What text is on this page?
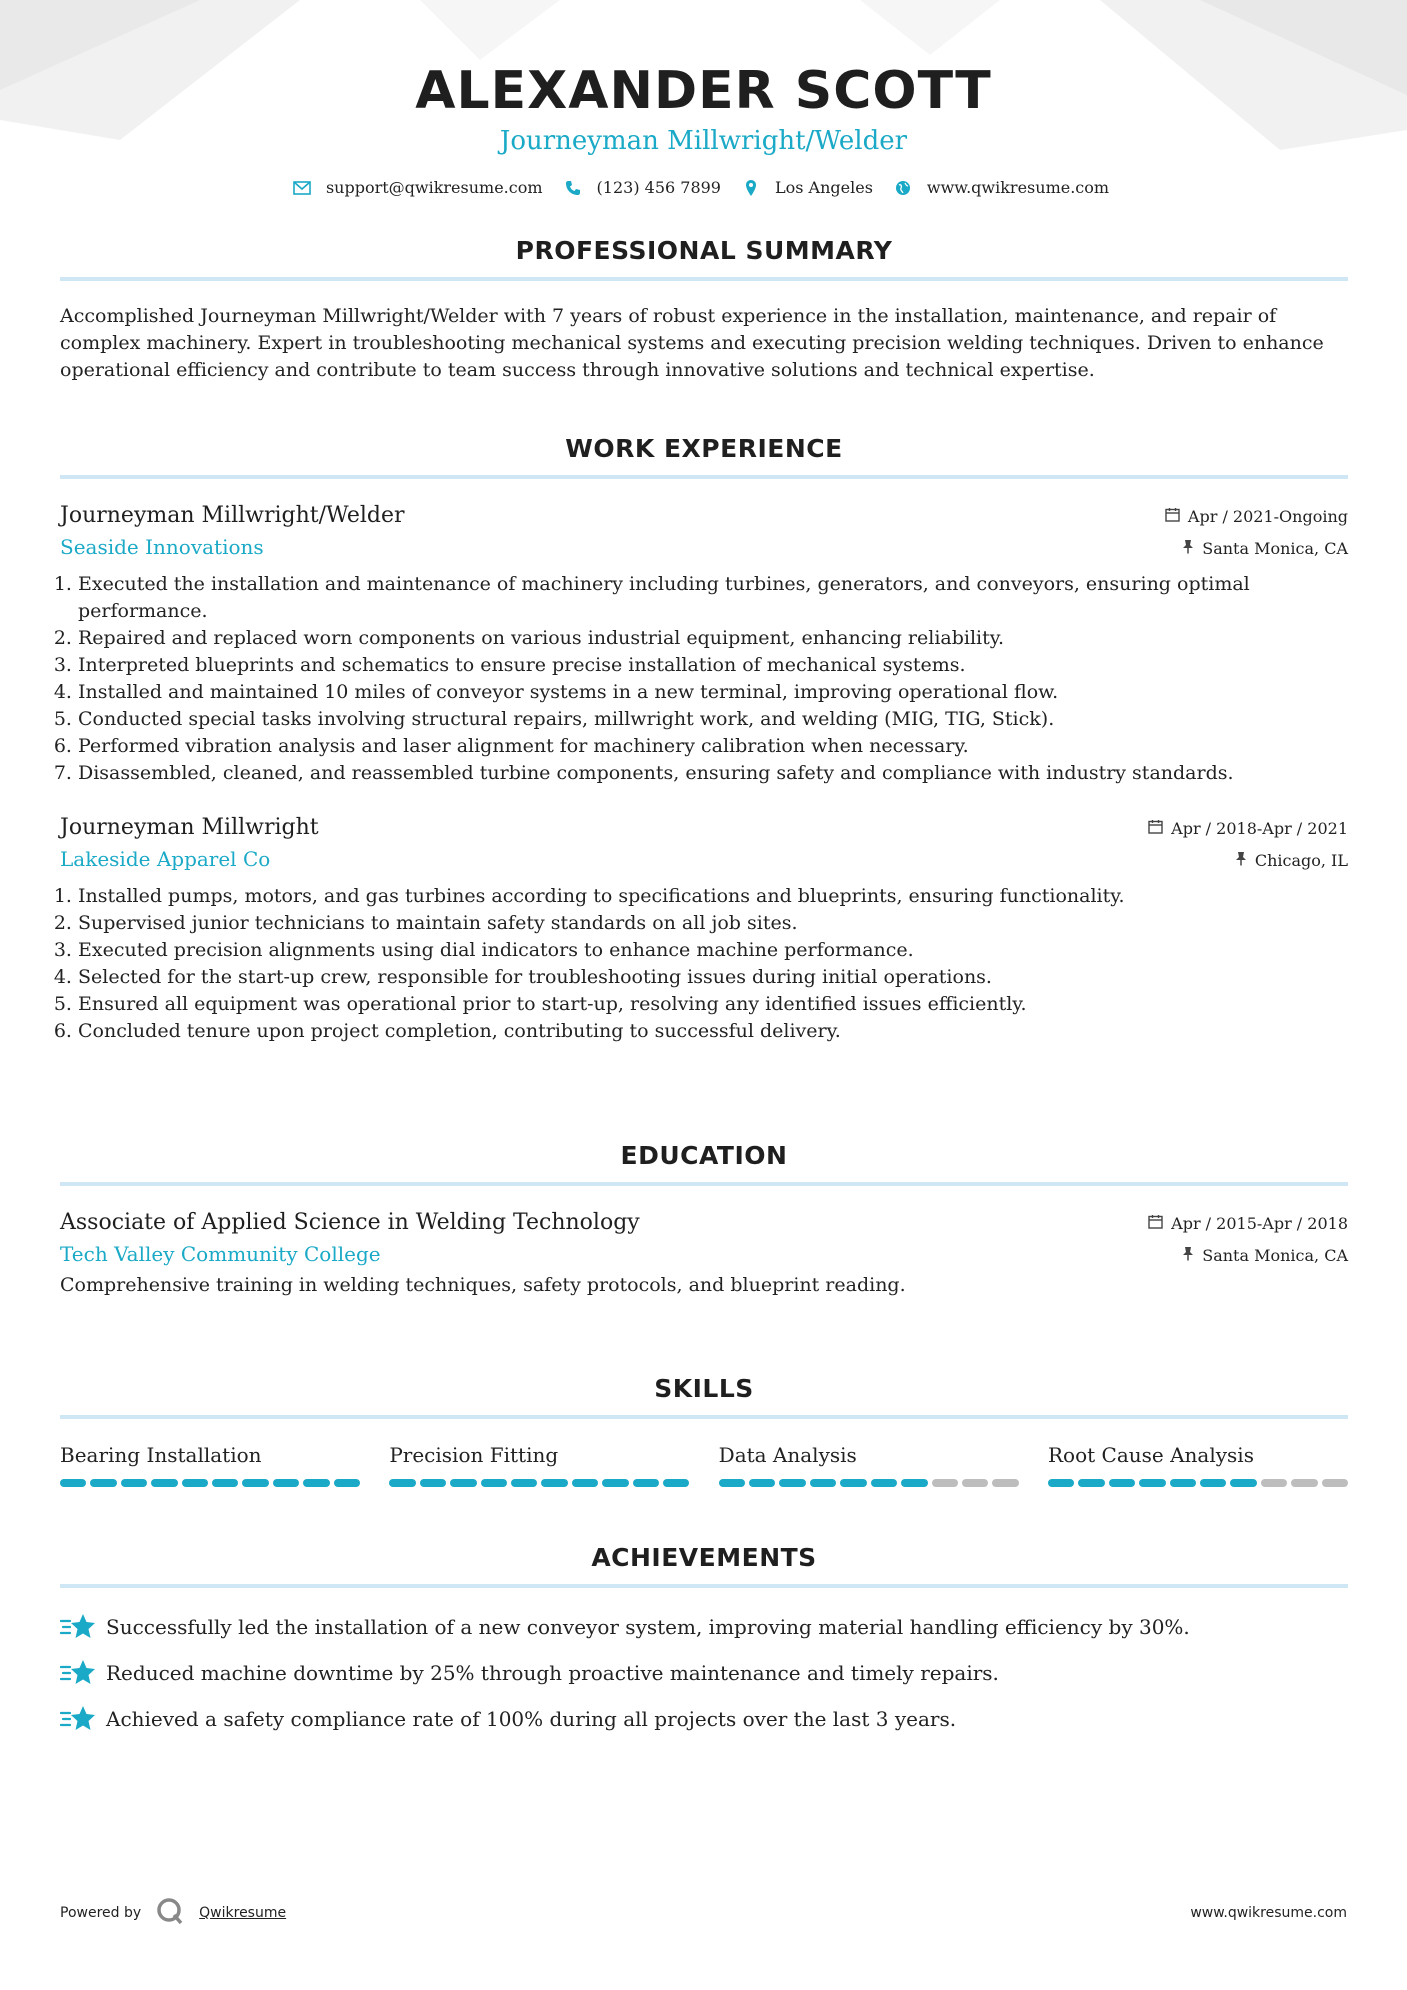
ALEXANDER SCOTT
Journeyman Millwright/Welder
support@qwikresume.com	(123) 456 7899	Los Angeles	www.qwikresume.com
PROFESSIONAL SUMMARY
Accomplished Journeyman Millwright/Welder with 7 years of robust experience in the installation, maintenance, and repair of complex machinery. Expert in troubleshooting mechanical systems and executing precision welding techniques. Driven to enhance operational efficiency and contribute to team success through innovative solutions and technical expertise.
WORK EXPERIENCE
Journeyman Millwright/Welder
Seaside Innovations
Apr / 2021-Ongoing
Santa Monica, CA
1. Executed the installation and maintenance of machinery including turbines, generators, and conveyors, ensuring optimal performance.
2. Repaired and replaced worn components on various industrial equipment, enhancing reliability.
3. Interpreted blueprints and schematics to ensure precise installation of mechanical systems.
4. Installed and maintained 10 miles of conveyor systems in a new terminal, improving operational flow.
5. Conducted special tasks involving structural repairs, millwright work, and welding (MIG, TIG, Stick).
6. Performed vibration analysis and laser alignment for machinery calibration when necessary.
7. Disassembled, cleaned, and reassembled turbine components, ensuring safety and compliance with industry standards.
Journeyman Millwright
Lakeside Apparel Co
Apr / 2018-Apr / 2021
Chicago, IL
1. Installed pumps, motors, and gas turbines according to specifications and blueprints, ensuring functionality.
2. Supervised junior technicians to maintain safety standards on all job sites.
3. Executed precision alignments using dial indicators to enhance machine performance.
4. Selected for the start-up crew, responsible for troubleshooting issues during initial operations.
5. Ensured all equipment was operational prior to start-up, resolving any identified issues efficiently.
6. Concluded tenure upon project completion, contributing to successful delivery.
EDUCATION
Associate of Applied Science in Welding Technology
Tech Valley Community College
Apr / 2015-Apr / 2018
Santa Monica, CA
Comprehensive training in welding techniques, safety protocols, and blueprint reading.
SKILLS
Bearing Installation	Precision Fitting	Data Analysis	Root Cause Analysis
ACHIEVEMENTS
Successfully led the installation of a new conveyor system, improving material handling efficiency by 30%.
Reduced machine downtime by 25% through proactive maintenance and timely repairs.
Achieved a safety compliance rate of 100% during all projects over the last 3 years.
Powered by	Qwikresume	www.qwikresume.com
